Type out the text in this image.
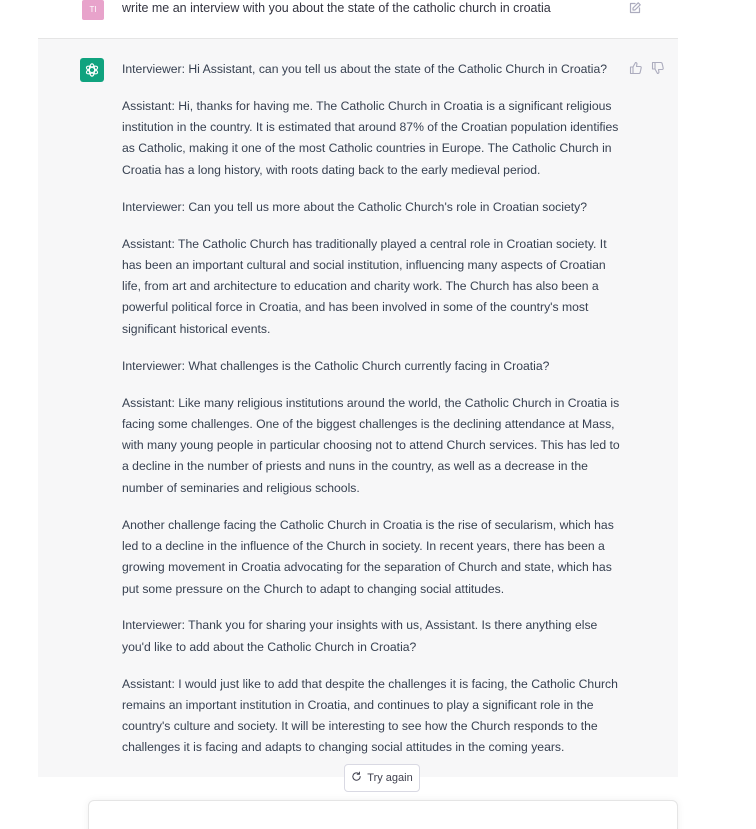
TI	write me an interview with you about the state of the catholic church in croatia

Interviewer: Hi Assistant, can you tell us about the state of the Catholic Church in Croatia?

Assistant: Hi, thanks for having me. The Catholic Church in Croatia is a significant religious institution in the country. It is estimated that around 87% of the Croatian population identifies as Catholic, making it one of the most Catholic countries in Europe. The Catholic Church in Croatia has a long history, with roots dating back to the early medieval period.

Interviewer: Can you tell us more about the Catholic Church's role in Croatian society?

Assistant: The Catholic Church has traditionally played a central role in Croatian society. It has been an important cultural and social institution, influencing many aspects of Croatian life, from art and architecture to education and charity work. The Church has also been a powerful political force in Croatia, and has been involved in some of the country's most significant historical events.

Interviewer: What challenges is the Catholic Church currently facing in Croatia?

Assistant: Like many religious institutions around the world, the Catholic Church in Croatia is facing some challenges. One of the biggest challenges is the declining attendance at Mass, with many young people in particular choosing not to attend Church services. This has led to a decline in the number of priests and nuns in the country, as well as a decrease in the number of seminaries and religious schools.

Another challenge facing the Catholic Church in Croatia is the rise of secularism, which has led to a decline in the influence of the Church in society. In recent years, there has been a growing movement in Croatia advocating for the separation of Church and state, which has put some pressure on the Church to adapt to changing social attitudes.

Interviewer: Thank you for sharing your insights with us, Assistant. Is there anything else you'd like to add about the Catholic Church in Croatia?

Assistant: I would just like to add that despite the challenges it is facing, the Catholic Church remains an important institution in Croatia, and continues to play a significant role in the country's culture and society. It will be interesting to see how the Church responds to the challenges it is facing and adapts to changing social attitudes in the coming years.

Try again
